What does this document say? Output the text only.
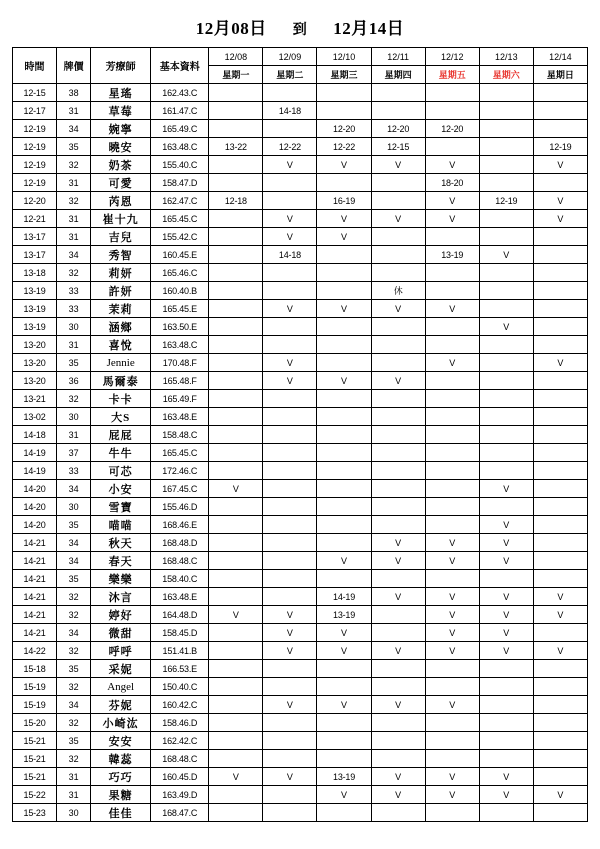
12月08日 到 12月14日
時間	牌價	芳療師	基本資料	12/08	12/09	12/10	12/11	12/12	12/13	12/14
				星期一	星期二	星期三	星期四	星期五	星期六	星期日
12-15	38	星瑤	162.43.C							
12-17	31	草莓	161.47.C		14-18					
12-19	34	婉寧	165.49.C			12-20	12-20	12-20		
12-19	35	曉安	163.48.C	13-22	12-22	12-22	12-15			12-19
12-19	32	奶茶	155.40.C		V	V	V	V		V
12-19	31	可愛	158.47.D					18-20		
12-20	32	芮恩	162.47.C	12-18		16-19		V	12-19	V
12-21	31	崔十九	165.45.C		V	V	V	V		V
13-17	31	吉兒	155.42.C		V	V				
13-17	34	秀智	160.45.E		14-18			13-19	V	
13-18	32	莉妍	165.46.C							
13-19	33	許妍	160.40.B				休			
13-19	33	茉莉	165.45.E		V	V	V	V		
13-19	30	涵鄉	163.50.E						V	
13-20	31	喜悅	163.48.C							
13-20	35	Jennie	170.48.F		V			V		V
13-20	36	馬爾泰	165.48.F		V	V	V			
13-21	32	卡卡	165.49.F							
13-02	30	大S	163.48.E							
14-18	31	屁屁	158.48.C							
14-19	37	牛牛	165.45.C							
14-19	33	可芯	172.46.C							
14-20	34	小安	167.45.C	V					V	
14-20	30	雪寶	155.46.D							
14-20	35	喵喵	168.46.E						V	
14-21	34	秋天	168.48.D				V	V	V	
14-21	34	春天	168.48.C			V	V	V	V	
14-21	35	樂樂	158.40.C							
14-21	32	沐言	163.48.E			14-19	V	V	V	V
14-21	32	婷好	164.48.D	V	V	13-19		V	V	V
14-21	34	微甜	158.45.D		V	V		V	V	
14-22	32	呼呼	151.41.B		V	V	V	V	V	V
15-18	35	采妮	166.53.E							
15-19	32	Angel	150.40.C							
15-19	34	芬妮	160.42.C		V	V	V	V		
15-20	32	小崎汯	158.46.D							
15-21	35	安安	162.42.C							
15-21	32	韓蕊	168.48.C							
15-21	31	巧巧	160.45.D	V	V	13-19	V	V	V	
15-22	31	果糖	163.49.D			V	V	V	V	V
15-23	30	佳佳	168.47.C							
